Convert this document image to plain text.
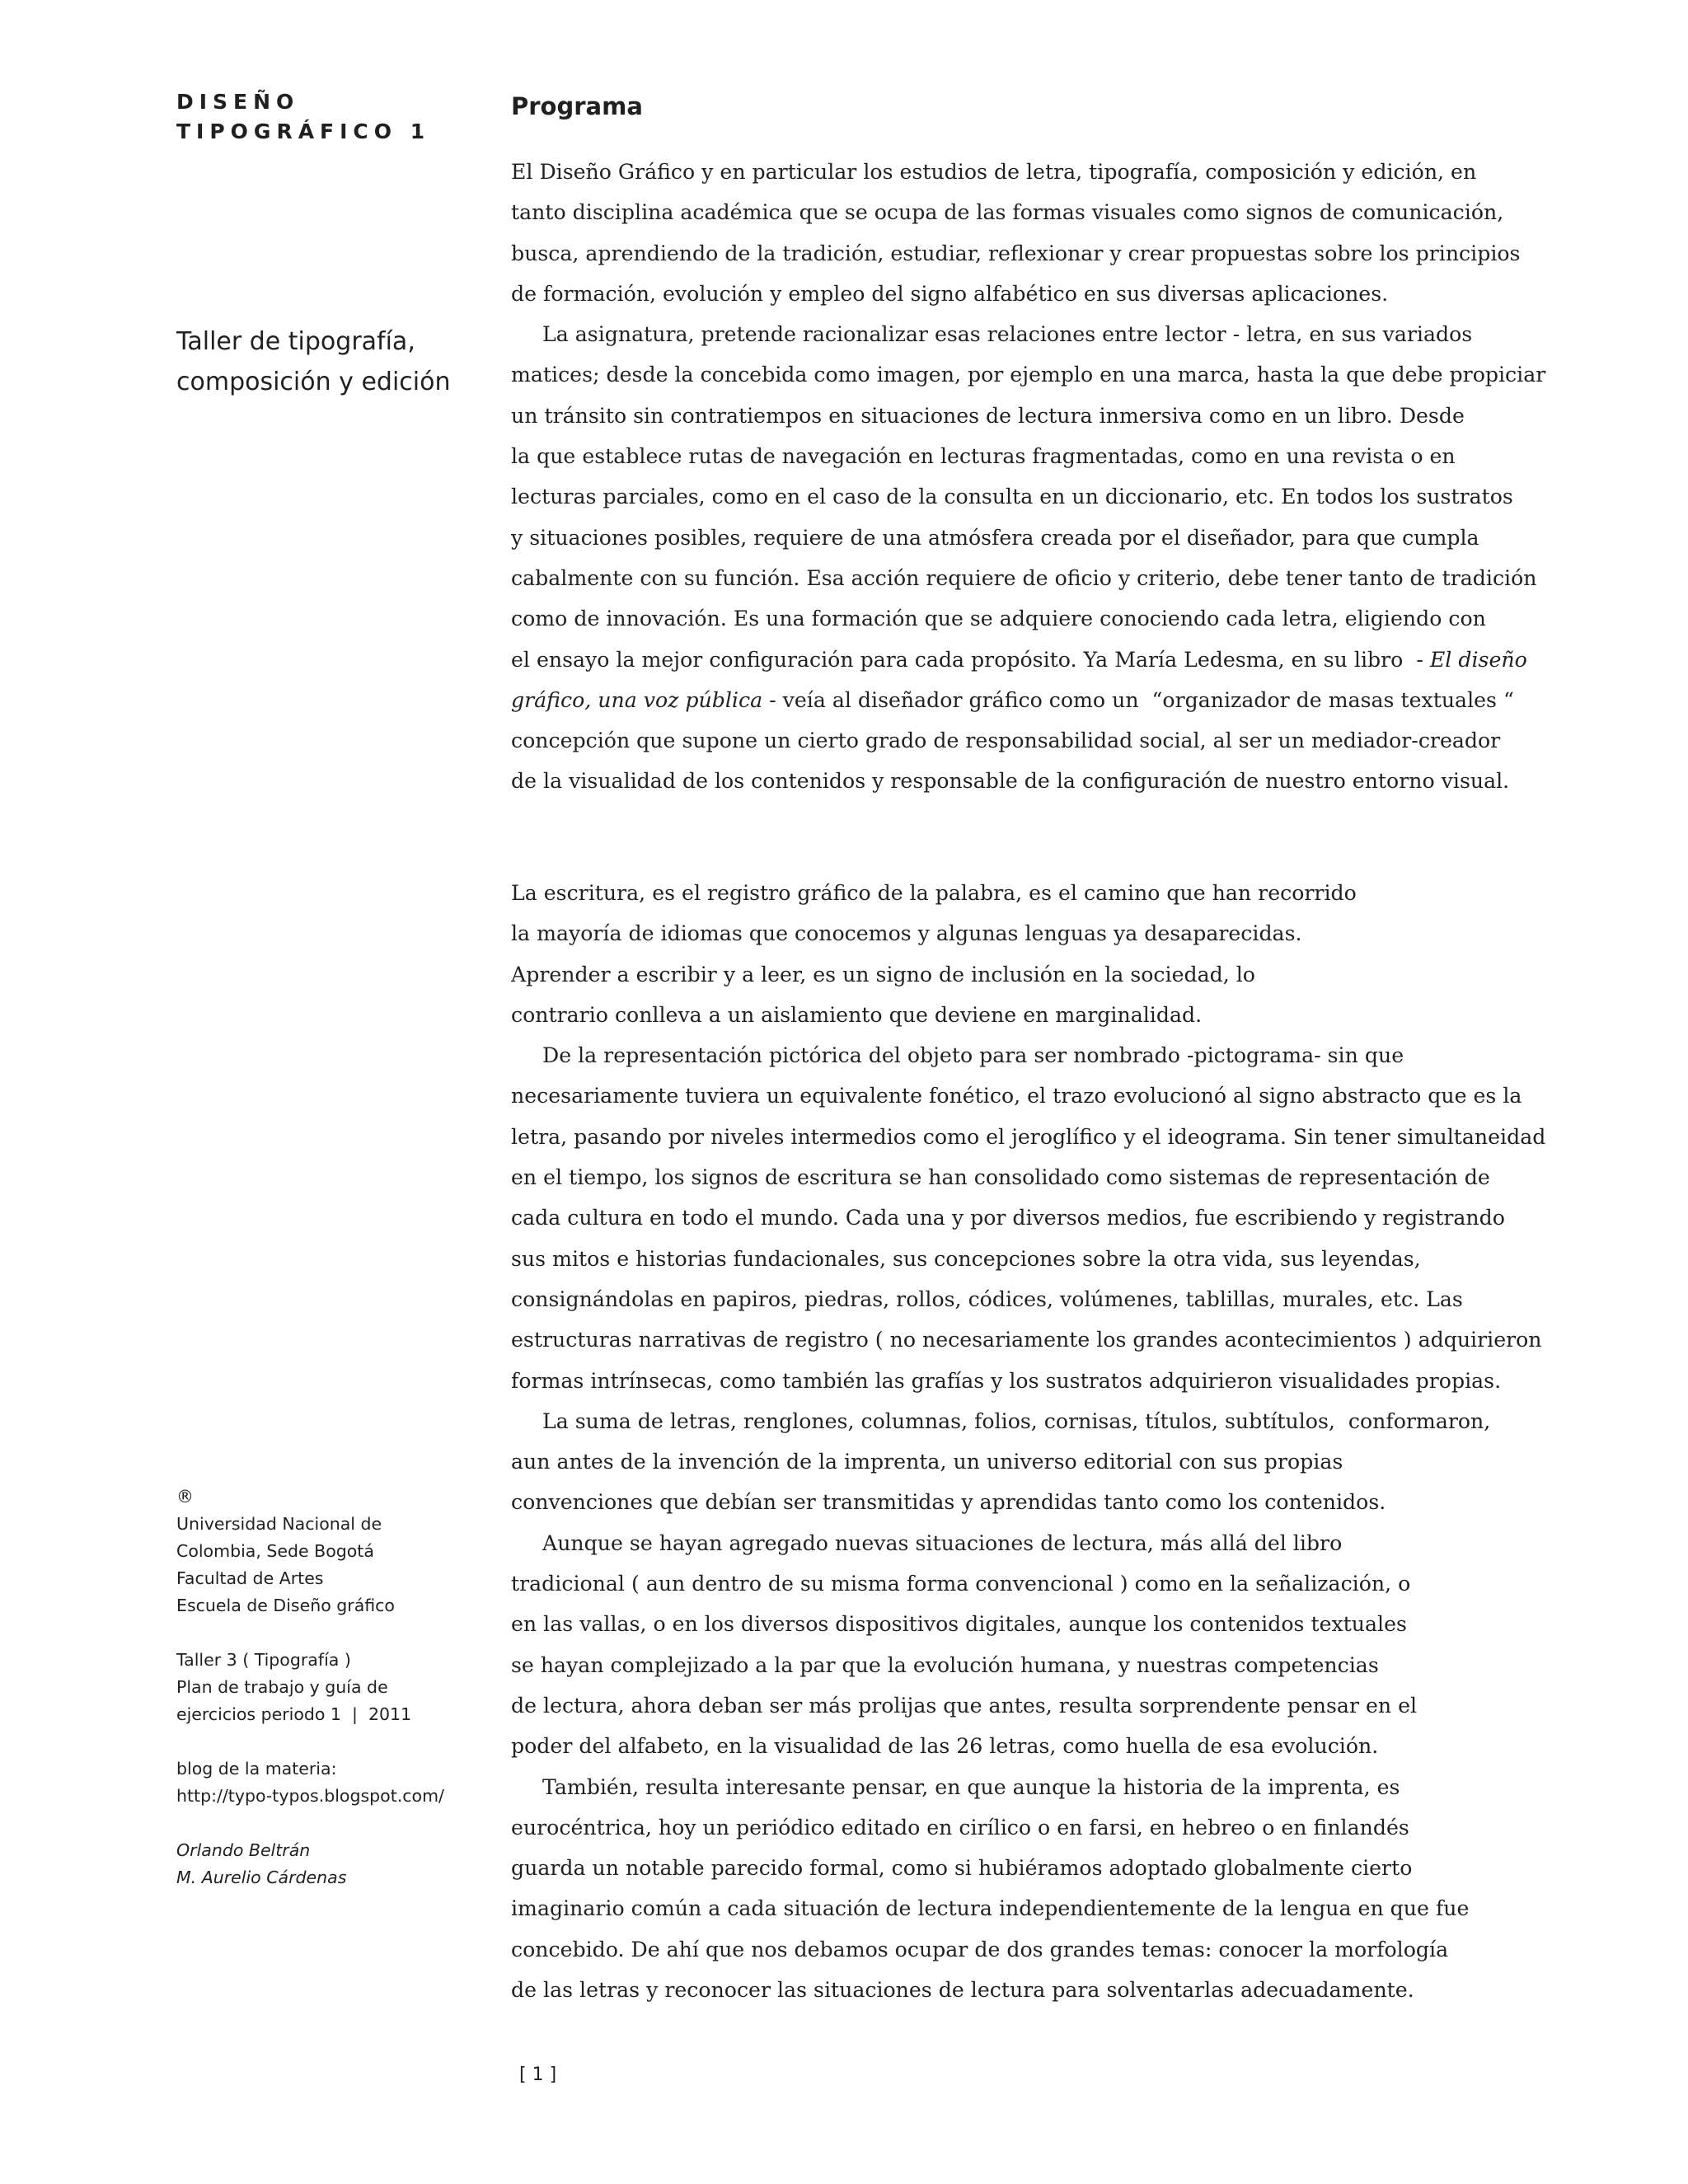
DISEÑO
TIPOGRÁFICO 1
Taller de tipografía,
composición y edición
®
Universidad Nacional de
Colombia, Sede Bogotá
Facultad de Artes
Escuela de Diseño gráfico
Taller 3 ( Tipografía )
Plan de trabajo y guía de
ejercicios periodo 1  |  2011
blog de la materia:
http://typo-typos.blogspot.com/
Orlando Beltrán
M. Aurelio Cárdenas
Programa
El Diseño Gráfico y en particular los estudios de letra, tipografía, composición y edición, en
tanto disciplina académica que se ocupa de las formas visuales como signos de comunicación,
busca, aprendiendo de la tradición, estudiar, reflexionar y crear propuestas sobre los principios
de formación, evolución y empleo del signo alfabético en sus diversas aplicaciones.
La asignatura, pretende racionalizar esas relaciones entre lector - letra, en sus variados
matices; desde la concebida como imagen, por ejemplo en una marca, hasta la que debe propiciar
un tránsito sin contratiempos en situaciones de lectura inmersiva como en un libro. Desde
la que establece rutas de navegación en lecturas fragmentadas, como en una revista o en
lecturas parciales, como en el caso de la consulta en un diccionario, etc. En todos los sustratos
y situaciones posibles, requiere de una atmósfera creada por el diseñador, para que cumpla
cabalmente con su función. Esa acción requiere de oficio y criterio, debe tener tanto de tradición
como de innovación. Es una formación que se adquiere conociendo cada letra, eligiendo con
el ensayo la mejor configuración para cada propósito. Ya María Ledesma, en su libro  - El diseño
gráfico, una voz pública - veía al diseñador gráfico como un  “organizador de masas textuales “
concepción que supone un cierto grado de responsabilidad social, al ser un mediador-creador
de la visualidad de los contenidos y responsable de la configuración de nuestro entorno visual.
La escritura, es el registro gráfico de la palabra, es el camino que han recorrido
la mayoría de idiomas que conocemos y algunas lenguas ya desaparecidas.
Aprender a escribir y a leer, es un signo de inclusión en la sociedad, lo
contrario conlleva a un aislamiento que deviene en marginalidad.
De la representación pictórica del objeto para ser nombrado -pictograma- sin que
necesariamente tuviera un equivalente fonético, el trazo evolucionó al signo abstracto que es la
letra, pasando por niveles intermedios como el jeroglífico y el ideograma. Sin tener simultaneidad
en el tiempo, los signos de escritura se han consolidado como sistemas de representación de
cada cultura en todo el mundo. Cada una y por diversos medios, fue escribiendo y registrando
sus mitos e historias fundacionales, sus concepciones sobre la otra vida, sus leyendas,
consignándolas en papiros, piedras, rollos, códices, volúmenes, tablillas, murales, etc. Las
estructuras narrativas de registro ( no necesariamente los grandes acontecimientos ) adquirieron
formas intrínsecas, como también las grafías y los sustratos adquirieron visualidades propias.
La suma de letras, renglones, columnas, folios, cornisas, títulos, subtítulos,  conformaron,
aun antes de la invención de la imprenta, un universo editorial con sus propias
convenciones que debían ser transmitidas y aprendidas tanto como los contenidos.
Aunque se hayan agregado nuevas situaciones de lectura, más allá del libro
tradicional ( aun dentro de su misma forma convencional ) como en la señalización, o
en las vallas, o en los diversos dispositivos digitales, aunque los contenidos textuales
se hayan complejizado a la par que la evolución humana, y nuestras competencias
de lectura, ahora deban ser más prolijas que antes, resulta sorprendente pensar en el
poder del alfabeto, en la visualidad de las 26 letras, como huella de esa evolución.
También, resulta interesante pensar, en que aunque la historia de la imprenta, es
eurocéntrica, hoy un periódico editado en cirílico o en farsi, en hebreo o en finlandés
guarda un notable parecido formal, como si hubiéramos adoptado globalmente cierto
imaginario común a cada situación de lectura independientemente de la lengua en que fue
concebido. De ahí que nos debamos ocupar de dos grandes temas: conocer la morfología
de las letras y reconocer las situaciones de lectura para solventarlas adecuadamente.
[ 1 ]
